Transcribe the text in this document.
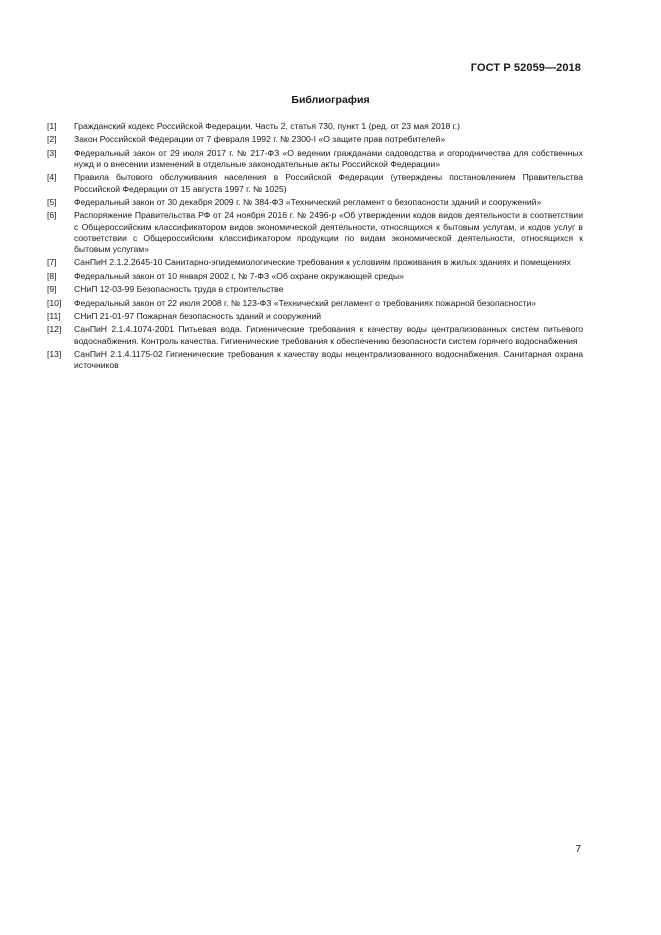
ГОСТ Р 52059—2018
Библиография
[1]	Гражданский кодекс Российской Федерации. Часть 2, статья 730, пункт 1 (ред. от 23 мая 2018 г.)
[2]	Закон Российской Федерации от 7 февраля 1992 г. № 2300-I «О защите прав потребителей»
[3]	Федеральный закон от 29 июля 2017 г. № 217-ФЗ «О ведении гражданами садоводства и огородничества для собственных нужд и о внесении изменений в отдельные законодательные акты Российской Федерации»
[4]	Правила бытового обслуживания населения в Российской Федерации (утверждены постановлением Правительства Российской Федерации от 15 августа 1997 г. № 1025)
[5]	Федеральный закон от 30 декабря 2009 г. № 384-ФЗ «Технический регламент о безопасности зданий и сооружений»
[6]	Распоряжение Правительства РФ от 24 ноября 2016 г. № 2496-р «Об утверждении кодов видов деятельности в соответствии с Общероссийским классификатором видов экономической деятельности, относящихся к бытовым услугам, и кодов услуг в соответствии с Общероссийским классификатором продукции по видам экономической деятельности, относящихся к бытовым услугам»
[7]	СанПиН 2.1.2.2645-10 Санитарно-эпидемиологические требования к условиям проживания в жилых зданиях и помещениях
[8]	Федеральный закон от 10 января 2002 г. № 7-ФЗ «Об охране окружающей среды»
[9]	СНиП 12-03-99 Безопасность труда в строительстве
[10]	Федеральный закон от 22 июля 2008 г. № 123-ФЗ «Технический регламент о требованиях пожарной безопасности»
[11]	СНиП 21-01-97 Пожарная безопасность зданий и сооружений
[12]	СанПиН 2.1.4.1074-2001 Питьевая вода. Гигиенические требования к качеству воды централизованных систем питьевого водоснабжения. Контроль качества. Гигиенические требования к обеспечению безопасности систем горячего водоснабжения
[13]	СанПиН 2.1.4.1175-02 Гигиенические требования к качеству воды нецентрализованного водоснабжения. Санитарная охрана источников
7
